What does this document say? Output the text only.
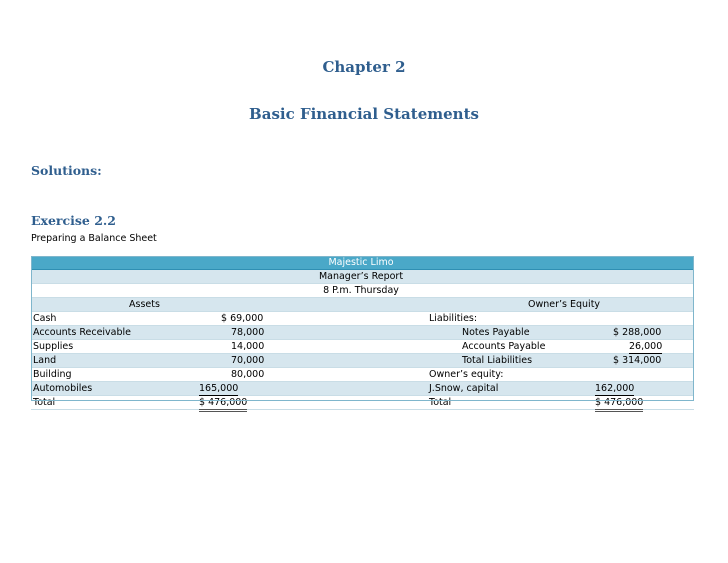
Chapter 2
Basic Financial Statements
Solutions:
Exercise 2.2
Preparing a Balance Sheet
Majestic Limo
Manager’s Report
8 P.m. Thursday
Assets	Owner’s Equity
Cash	$ 69,000	Liabilities:
Accounts Receivable	78,000	Notes Payable	$ 288,000
Supplies	14,000	Accounts Payable	26,000
Land	70,000	Total Liabilities	$ 314,000
Building	80,000	Owner’s equity:
Automobiles	165,000	J.Snow, capital	162,000
Total	$ 476,000	Total	$ 476,000
